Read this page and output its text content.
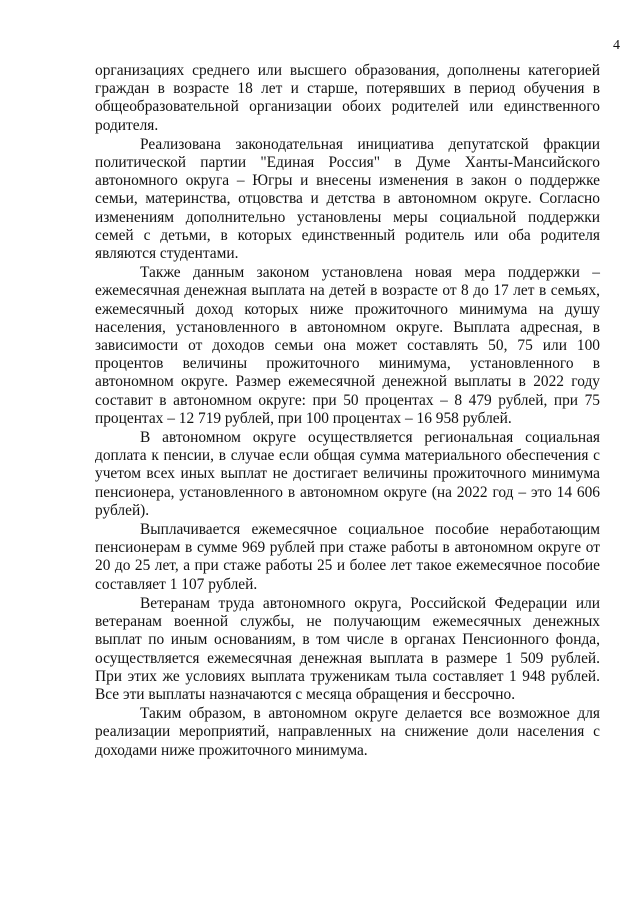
4

организациях среднего или высшего образования, дополнены категорией граждан в возрасте 18 лет и старше, потерявших в период обучения в общеобразовательной организации обоих родителей или единственного родителя.

Реализована законодательная инициатива депутатской фракции политической партии "Единая Россия" в Думе Ханты-Мансийского автономного округа – Югры и внесены изменения в закон о поддержке семьи, материнства, отцовства и детства в автономном округе. Согласно изменениям дополнительно установлены меры социальной поддержки семей с детьми, в которых единственный родитель или оба родителя являются студентами.

Также данным законом установлена новая мера поддержки – ежемесячная денежная выплата на детей в возрасте от 8 до 17 лет в семьях, ежемесячный доход которых ниже прожиточного минимума на душу населения, установленного в автономном округе. Выплата адресная, в зависимости от доходов семьи она может составлять 50, 75 или 100 процентов величины прожиточного минимума, установленного в автономном округе. Размер ежемесячной денежной выплаты в 2022 году составит в автономном округе: при 50 процентах – 8 479 рублей, при 75 процентах – 12 719 рублей, при 100 процентах – 16 958 рублей.

В автономном округе осуществляется региональная социальная доплата к пенсии, в случае если общая сумма материального обеспечения с учетом всех иных выплат не достигает величины прожиточного минимума пенсионера, установленного в автономном округе (на 2022 год – это 14 606 рублей).

Выплачивается ежемесячное социальное пособие неработающим пенсионерам в сумме 969 рублей при стаже работы в автономном округе от 20 до 25 лет, а при стаже работы 25 и более лет такое ежемесячное пособие составляет 1 107 рублей.

Ветеранам труда автономного округа, Российской Федерации или ветеранам военной службы, не получающим ежемесячных денежных выплат по иным основаниям, в том числе в органах Пенсионного фонда, осуществляется ежемесячная денежная выплата в размере 1 509 рублей. При этих же условиях выплата труженикам тыла составляет 1 948 рублей. Все эти выплаты назначаются с месяца обращения и бессрочно.

Таким образом, в автономном округе делается все возможное для реализации мероприятий, направленных на снижение доли населения с доходами ниже прожиточного минимума.
